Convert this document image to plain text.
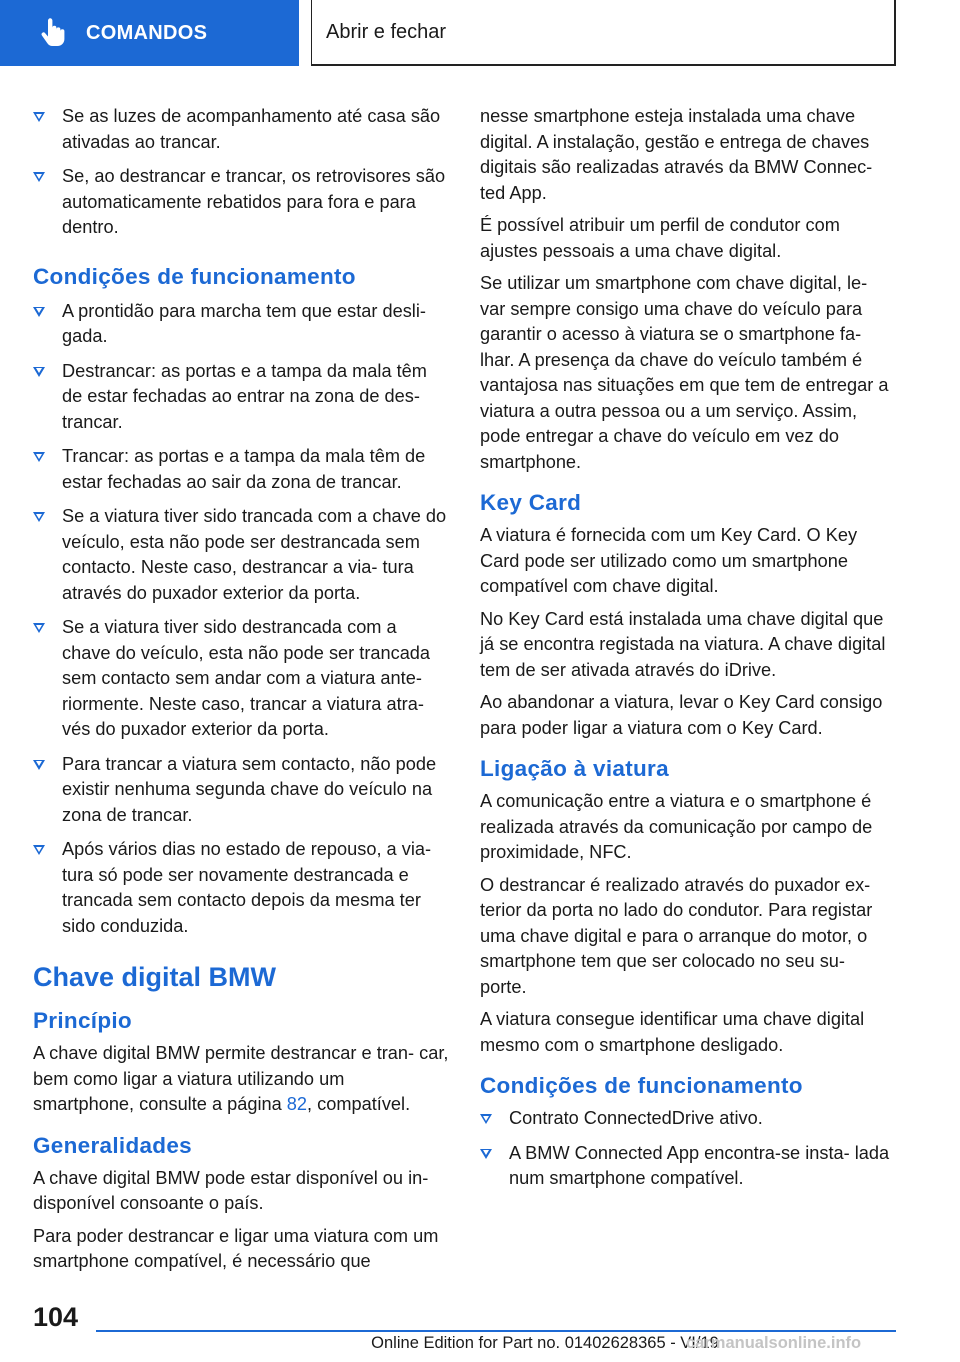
COMANDOS	Abrir e fechar
Se as luzes de acompanhamento até casa são ativadas ao trancar.
Se, ao destrancar e trancar, os retrovisores são automaticamente rebatidos para fora e para dentro.
Condições de funcionamento
A prontidão para marcha tem que estar desli‑ gada.
Destrancar: as portas e a tampa da mala têm de estar fechadas ao entrar na zona de des‑ trancar.
Trancar: as portas e a tampa da mala têm de estar fechadas ao sair da zona de trancar.
Se a viatura tiver sido trancada com a chave do veículo, esta não pode ser destrancada sem contacto. Neste caso, destrancar a via‑ tura através do puxador exterior da porta.
Se a viatura tiver sido destrancada com a chave do veículo, esta não pode ser trancada sem contacto sem andar com a viatura ante‑ riormente. Neste caso, trancar a viatura atra‑ vés do puxador exterior da porta.
Para trancar a viatura sem contacto, não pode existir nenhuma segunda chave do veículo na zona de trancar.
Após vários dias no estado de repouso, a via‑ tura só pode ser novamente destrancada e trancada sem contacto depois da mesma ter sido conduzida.
Chave digital BMW
Princípio

A chave digital BMW permite destrancar e tran‑ car, bem como ligar a viatura utilizando um smartphone, consulte a página 82, compatível.

Generalidades

A chave digital BMW pode estar disponível ou in‑ disponível consoante o país.

Para poder destrancar e ligar uma viatura com um smartphone compatível, é necessário que

nesse smartphone esteja instalada uma chave digital. A instalação, gestão e entrega de chaves digitais são realizadas através da BMW Connec‑ ted App.

É possível atribuir um perfil de condutor com ajustes pessoais a uma chave digital.

Se utilizar um smartphone com chave digital, le‑ var sempre consigo uma chave do veículo para garantir o acesso à viatura se o smartphone fa‑ lhar. A presença da chave do veículo também é vantajosa nas situações em que tem de entregar a viatura a outra pessoa ou a um serviço. Assim, pode entregar a chave do veículo em vez do smartphone.

Key Card

A viatura é fornecida com um Key Card. O Key Card pode ser utilizado como um smartphone compatível com chave digital.

No Key Card está instalada uma chave digital que já se encontra registada na viatura. A chave digital tem de ser ativada através do iDrive.

Ao abandonar a viatura, levar o Key Card consigo para poder ligar a viatura com o Key Card.

Ligação à viatura

A comunicação entre a viatura e o smartphone é realizada através da comunicação por campo de proximidade, NFC.

O destrancar é realizado através do puxador ex‑ terior da porta no lado do condutor. Para registar uma chave digital e para o arranque do motor, o smartphone tem que ser colocado no seu su‑ porte.

A viatura consegue identificar uma chave digital mesmo com o smartphone desligado.

Condições de funcionamento
Contrato ConnectedDrive ativo.
A BMW Connected App encontra-se insta‑ lada num smartphone compatível.
104
Online Edition for Part no. 01402628365 - VI/19
carmanualsonline.info
